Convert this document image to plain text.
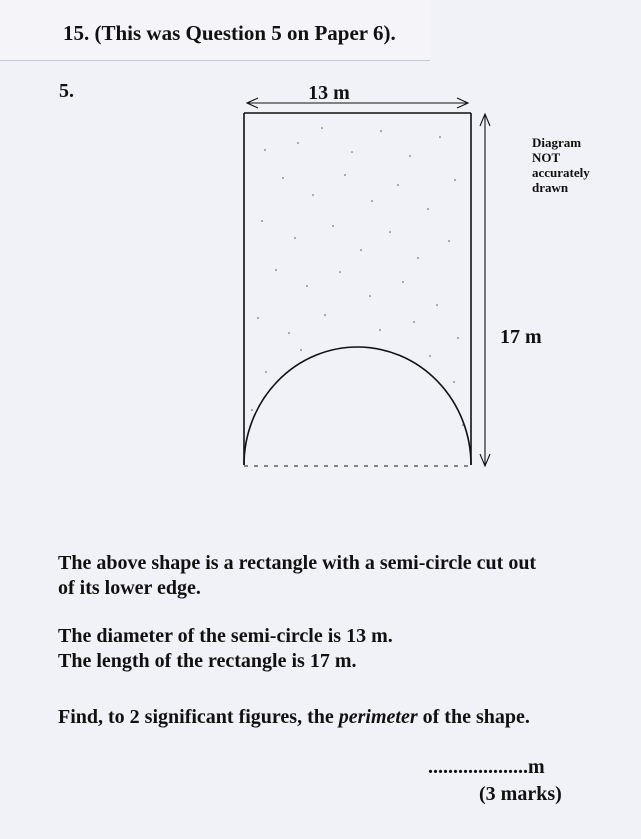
15. (This was Question 5 on Paper 6).
5.	13 m
17 m
Diagram
NOT
accurately
drawn
The above shape is a rectangle with a semi-circle cut out
of its lower edge.
The diameter of the semi-circle is 13 m.
The length of the rectangle is 17 m.
Find, to 2 significant figures, the perimeter of the shape.
....................m
(3 marks)
